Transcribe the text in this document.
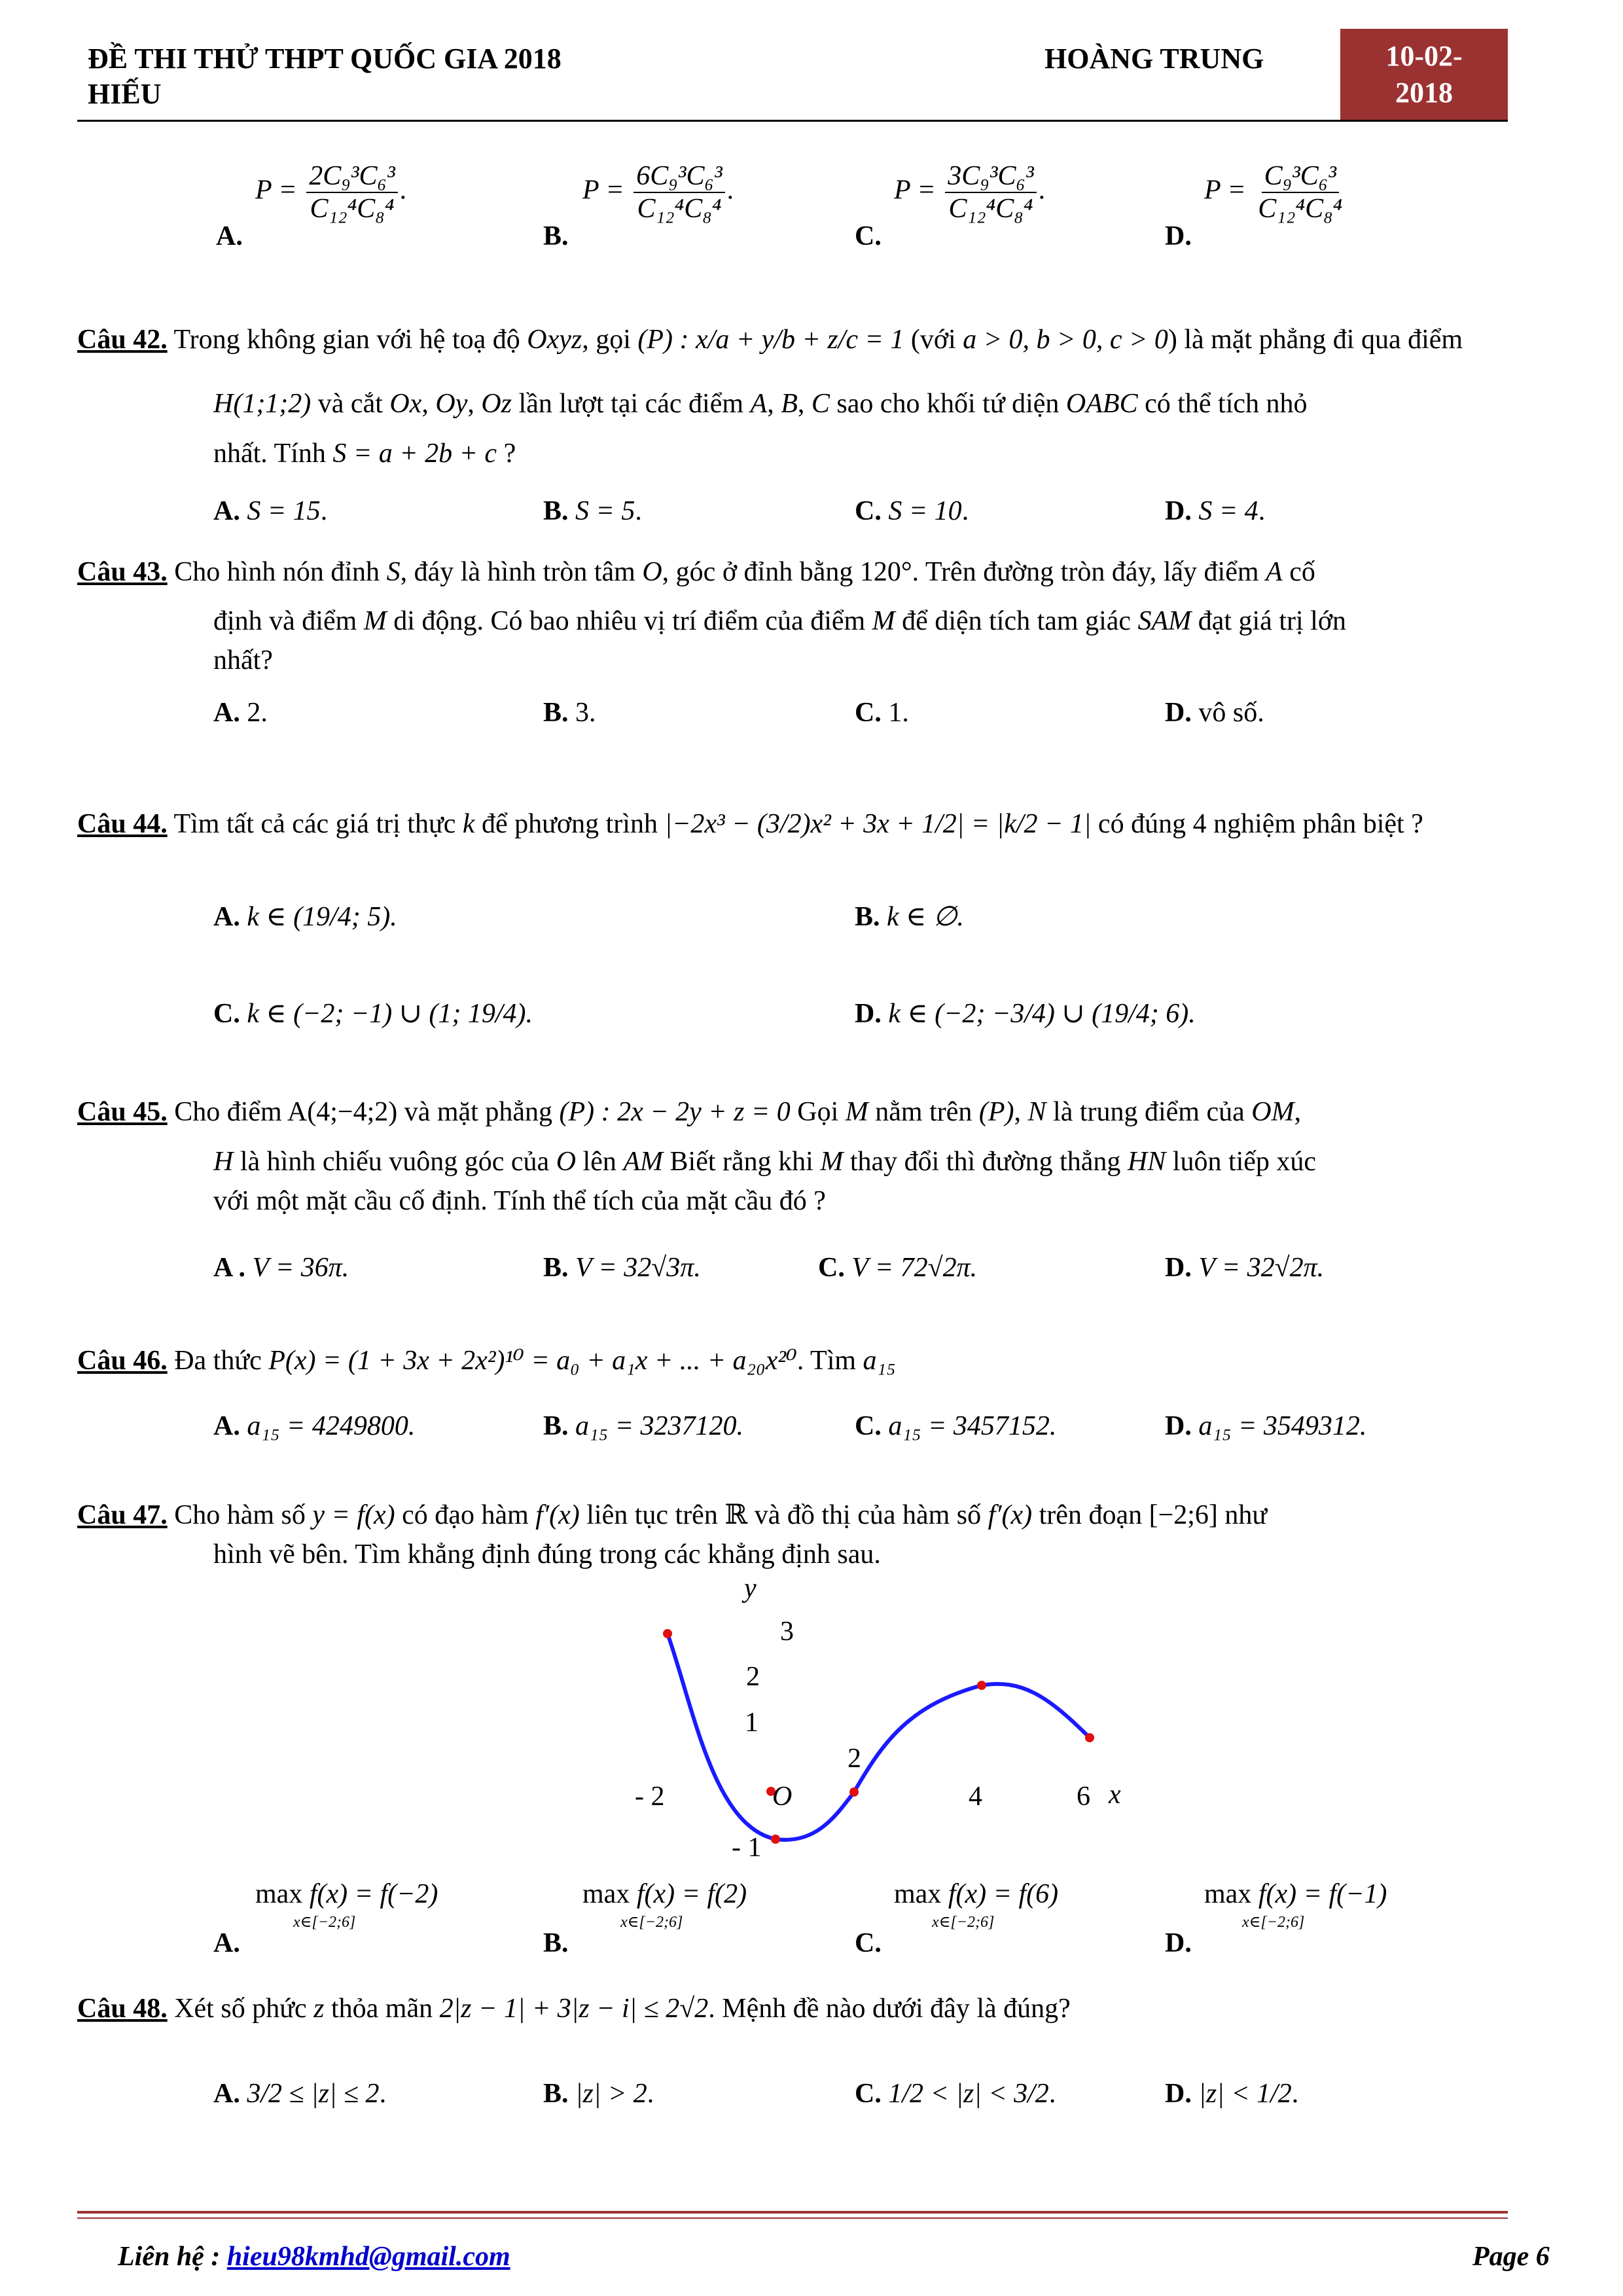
ĐỀ THI THỬ THPT QUỐC GIA 2018
HIẾU
HOÀNG TRUNG	10-02-
2018
A.
$P = \frac{\text{2C₉³C₆³}}{\text{C₁₂⁴C₈⁴}}$ .
B.
$P = \frac{\text{6C₉³C₆³}}{\text{C₁₂⁴C₈⁴}}$ .
C.
$P = \frac{\text{3C₉³C₆³}}{\text{C₁₂⁴C₈⁴}}$ .
D.
$P = \frac{\text{C₉³C₆³}}{\text{C₁₂⁴C₈⁴}}$
Câu 42. Trong không gian với hệ toạ độ Oxyz, gọi (P) : x/a + y/b + z/c = 1 (với a > 0, b > 0, c > 0) là mặt phẳng đi qua điểm
H(1;1;2) và cắt Ox, Oy, Oz lần lượt tại các điểm A, B, C sao cho khối tứ diện OABC có thể tích nhỏ
nhất. Tính S = a + 2b + c ?
A. S = 15.	B. S = 5.	C. S = 10.	D. S = 4.
Câu 43. Cho hình nón đỉnh S, đáy là hình tròn tâm O, góc ở đỉnh bằng 120°. Trên đường tròn đáy, lấy điểm A cố
định và điểm M di động. Có bao nhiêu vị trí điểm của điểm M để diện tích tam giác SAM đạt giá trị lớn
nhất?
A. 2.	B. 3.	C. 1.	D. vô số.
Câu 44. Tìm tất cả các giá trị thực k để phương trình |−2x³ − (3/2)x² + 3x + 1/2| = |k/2 − 1| có đúng 4 nghiệm phân biệt ?
A. k ∈ (19/4; 5).	B. k ∈ ∅.
C. k ∈ (−2; −1) ∪ (1; 19/4).	D. k ∈ (−2; −3/4) ∪ (19/4; 6).
Câu 45. Cho điểm A(4;−4;2) và mặt phẳng (P) : 2x − 2y + z = 0 Gọi M nằm trên (P), N là trung điểm của OM,
H là hình chiếu vuông góc của O lên AM Biết rằng khi M thay đổi thì đường thẳng HN luôn tiếp xúc
với một mặt cầu cố định. Tính thể tích của mặt cầu đó ?
A . V = 36π.	B. V = 32√3π.	C. V = 72√2π.	D. V = 32√2π.
Câu 46. Đa thức P(x) = (1 + 3x + 2x²)¹⁰ = a₀ + a₁x + ... + a₂₀x²⁰. Tìm a₁₅
A. a₁₅ = 4249800.	B. a₁₅ = 3237120.	C. a₁₅ = 3457152.	D. a₁₅ = 3549312.
Câu 47. Cho hàm số y = f(x) có đạo hàm f′(x) liên tục trên ℝ và đồ thị của hàm số f′(x) trên đoạn [−2;6] như
hình vẽ bên. Tìm khẳng định đúng trong các khẳng định sau.
y
3
2
1
2
- 2	O	4	6 x
- 1
A.
max f(x) = f(−2)
x∈[−2;6]
B.
max f(x) = f(2)
x∈[−2;6]
C.
max f(x) = f(6)
x∈[−2;6]
D.
max f(x) = f(−1)
x∈[−2;6]
Câu 48. Xét số phức z thỏa mãn 2|z − 1| + 3|z − i| ≤ 2√2. Mệnh đề nào dưới đây là đúng?
A. 3/2 ≤ |z| ≤ 2.	B. |z| > 2.	C. 1/2 < |z| < 3/2.	D. |z| < 1/2.
Liên hệ : hieu98kmhd@gmail.com	Page 6
